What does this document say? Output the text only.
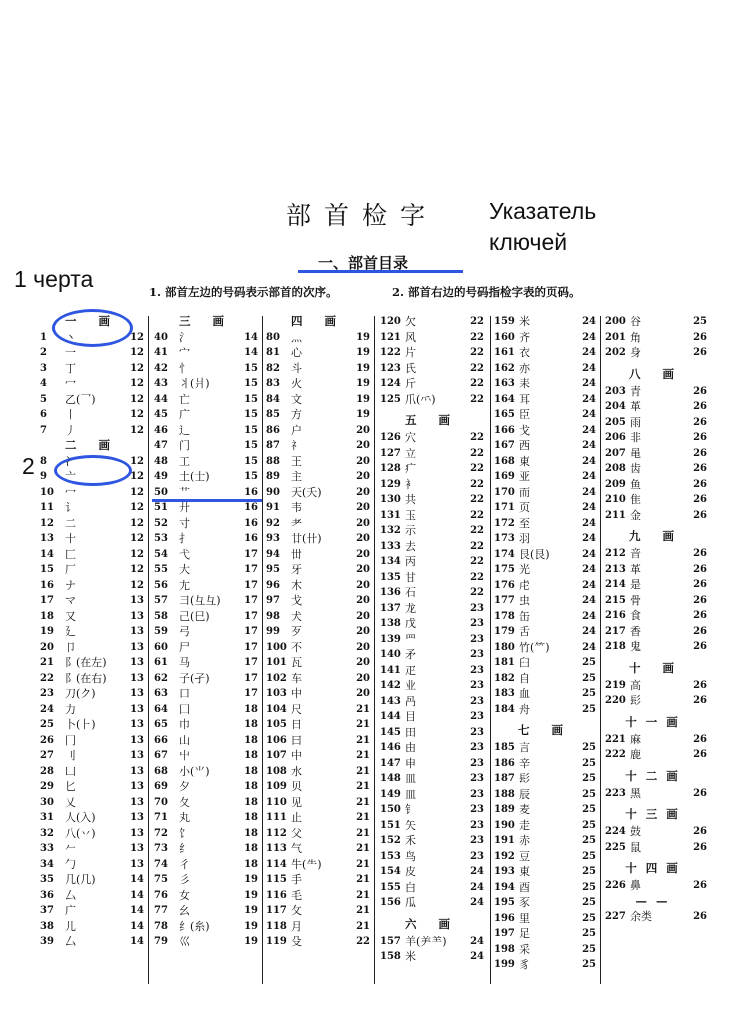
部首检字	Указатель
ключей
一、部首目录
1 черта
2
1. 部首左边的号码表示部首的次序。	2. 部首右边的号码指检字表的页码。
一 画
1	丶	12
2	一	12
3	丁	12
4	冖	12
5	乙(乛)	12
6	丨	12
7	丿	12
二 画
8	冫	12
9	亠	12
10	冖	12
11	讠	12
12	二	12
13	十	12
14	匚	12
15	厂	12
16	ナ	12
17	マ	13
18	又	13
19	廴	13
20	卩	13
21	阝(在左) 13
22	阝(在右) 13
23	刀(ク)	13
24	力	13
25	卜(⺊)	13
26	冂	13
27	刂	13
28	凵	13
29	匕	13
30	乂	13
31	人(入)	13
32	八(丷)	13
33	𠂉	13
34	勹	13
35	几(几)	14
36	厶	14
37	广	14
38	儿	14
39	厶	14
三 画
40	氵	14
41	宀	14
42	忄	15
43	丬(爿)	15
44	亡	15
45	广	15
46	辶	15
47	门	15
48	工	15
49	土(士)	15
50	艹	16
51	廾	16
52	寸	16
53	扌	16
54	弋	17
55	大	17
56	尢	17
57	彐(彑彑) 17
58	己(巳)	17
59	弓	17
60	尸	17
61	马	17
62	子(孑)	17
63	口	17
64	囗	18
65	巾	18
66	山	18
67	屮	18
68	小(⺌)	18
69	夕	18
70	夂	18
71	丸	18
72	饣	18
73	纟	18
74	彳	18
75	彡	19
76	女	19
77	幺	19
78	纟(糸)	19
79	巛	19
四 画
80	灬	19
81	心	19
82	斗	19
83	火	19
84	文	19
85	方	19
86	户	20
87	礻	20
88	王	20
89	主	20
90	天(夭)	20
91	韦	20
92	耂	20
93	廿(卄)	20
94	丗	20
95	牙	20
96	木	20
97	戈	20
98	犬	20
99	歹	20
100 不	20
101 瓦	20
102 车	20
103 中	20
104 尺	21
105 日	21
106 曰	21
107 中	21
108 水	21
109 贝	21
110 见	21
111 止	21
112 父	21
113 气	21
114 牛(⺧)	21
115 手	21
116 毛	21
117 攵	21
118 月	21
119 殳	22
120 欠	22
121 风	22
122 片	22
123 氏	22
124 斤	22
125 爪(⺤)	22
五 画
126 穴	22
127 立	22
128 疒	22
129 衤	22
130 共	22
131 玉	22
132 示	22
133 去	22
134 丙	22
135 甘	22
136 石	22
137 龙	23
138 戊	23
139 罒	23
140 矛	23
141 疋	23
142 业	23
143 冎	23
144 目	23
145 田	23
146 由	23
147 申	23
148 皿	23
149 皿	23
150 钅	23
151 矢	23
152 禾	23
153 鸟	23
154 皮	24
155 白	24
156 瓜	24
六 画
157 羊(⺶⺷) 24
158 米	24
159 米	24
160 齐	24
161 衣	24
162 亦	24
163 耒	24
164 耳	24
165 臣	24
166 戈	24
167 西	24
168 東	24
169 亚	24
170 而	24
171 页	24
172 至	24
173 羽	24
174 艮(艮)	24
175 光	24
176 虍	24
177 虫	24
178 缶	24
179 舌	24
180 竹(⺮)	24
181 臼	25
182 自	25
183 血	25
184 舟	25
七 画
185 言	25
186 辛	25
187 髟	25
188 辰	25
189 麦	25
190 走	25
191 赤	25
192 豆	25
193 東	25
194 酉	25
195 豕	25
196 里	25
197 足	25
198 采	25
199 豸	25
200 谷	25
201 角	26
202 身	26
八 画
203 青	26
204 革	26
205 雨	26
206 非	26
207 黾	26
208 齿	26
209 鱼	26
210 隹	26
211 金	26
九 画
212 音	26
213 革	26
214 是	26
215 骨	26
216 食	26
217 香	26
218 鬼	26
十 画
219 高	26
220 髟	26
十一画
221 麻	26
222 鹿	26
十二画
223 黑	26
十三画
224 鼓	26
225 鼠	26
十四画
226 鼻	26
——
227 余类	26
